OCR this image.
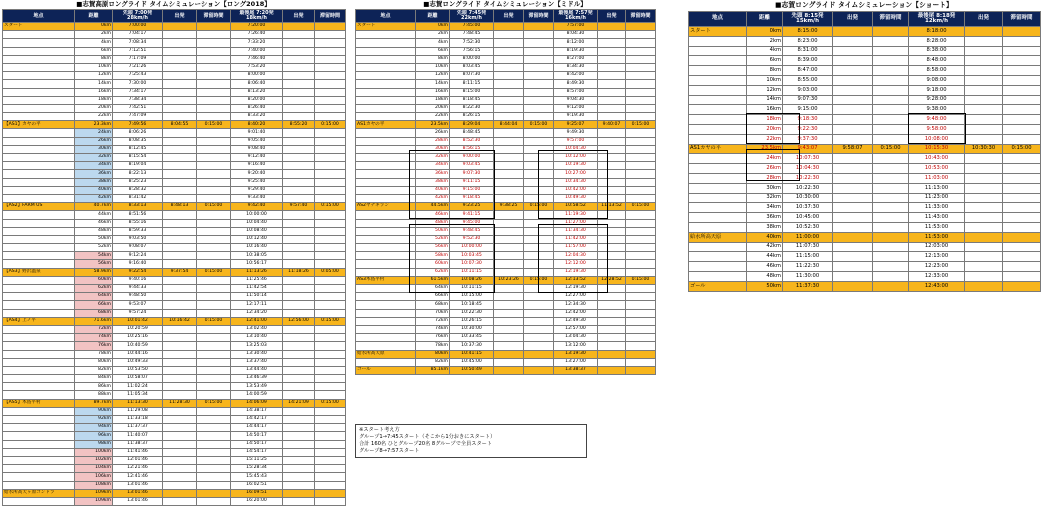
■志賀高原ロングライド タイムシミュレーション【ロング2018】
地点	距離	先頭 7:00発
28km/h	出発	滞留時間	最後尾 7:20発
18km/h	出発	滞留時間
スタート	0km	7:00:00			7:20:00		
	2km	7:04:17			7:26:40		
	4km	7:08:34			7:33:20		
	6km	7:12:51			7:40:00		
	8km	7:17:09			7:46:40		
	10km	7:21:26			7:53:20		
	12km	7:25:43			8:00:00		
	14km	7:30:00			8:06:40		
	16km	7:34:17			8:13:20		
	18km	7:38:34			8:20:00		
	20km	7:42:51			8:26:40		
	22km	7:47:09			8:33:20		
【AS1】カヤの平	23.3km	7:49:56	8:04:55	0:15:00	8:40:20	8:55:20	0:15:00
	24km	8:06:26			9:01:40		
	26km	8:08:35			9:05:40		
	30km	8:12:45			9:08:40		
	32km	8:15:54			9:12:40		
	34km	8:19:04			9:16:40		
	36km	8:22:13			9:20:40		
	38km	8:25:23			9:25:40		
	40km	8:28:32			9:29:40		
	42km	8:31:42			9:33:40		
【AS2】FARM US	40.7km	8:33:13	8:48:13	0:15:00	9:42:40	9:57:40	0:15:00
	44km	8:51:56			10:00:00		
	46km	8:55:16			10:04:40		
	48km	8:59:33			10:08:40		
	50km	9:03:50			10:12:40		
	52km	9:08:07			10:16:40		
	54km	9:12:24			10:38:05		
	56km	9:16:40			10:56:17		
【AS3】野沢温泉	58.9km	9:22:54	9:37:54	0:15:00	11:13:26	11:18:26	0:05:00
	60km	9:40:16			11:25:46		
	62km	9:44:33			11:42:54		
	64km	9:48:50			11:50:14		
	66km	9:53:07			12:17:11		
	68km	9:57:24			12:34:20		
【AS4】上ノ平	71.6km	10:01:42	10:16:42	0:15:00	12:41:00	12:56:00	0:15:00
	72km	10:20:59			13:02:40		
	74km	10:25:16			13:10:40		
	76km	10:40:59			13:25:03		
	78km	10:44:16			13:30:40		
	80km	10:49:33			13:37:40		
	82km	10:53:50			13:44:40		
	84km	10:58:07			13:46:39		
	86km	11:02:24			13:53:49		
	88km	11:05:34			14:00:59		
【AS5】木島平村	89.7km	11:13:30	11:28:30	0:15:00	14:06:09	14:21:09	0:15:00
	90km	11:29:08			14:38:17		
	92km	11:33:18			14:42:17		
	94km	11:37:37			14:44:17		
	96km	11:40:07			14:50:17		
	98km	11:38:37			14:50:17		
	100km	11:41:46			14:54:17		
	102km	12:01:46			15:11:25		
	104km	12:21:46			15:28:34		
	106km	12:41:46			15:45:43		
	108km	13:01:46			16:02:51		
給水所高天ヶ原ゴンドラ	109km	13:01:46			16:09:51		
	109km	13:01:46			16:20:00		
■志賀ロングライド タイムシミュレーション【ミドル】
地点	距離	先頭 7:45発
22km/h	出発	滞留時間	最後尾 7:57発
16km/h	出発	滞留時間
スタート	0km	7:45:00			7:57:00		
	2km	7:48:45			8:04:30		
	4km	7:52:30			8:12:00		
	6km	7:56:15			8:19:30		
	8km	8:00:00			8:27:00		
	10km	8:03:45			8:34:30		
	12km	8:07:30			8:42:00		
	14km	8:11:15			8:49:30		
	16km	8:15:00			8:57:00		
	18km	8:18:45			9:04:30		
	20km	8:22:30			9:12:00		
	22km	8:26:15			9:19:30		
AS1カヤの平	23.5km	8:29:04	8:44:04	0:15:00	9:25:07	9:40:07	0:15:00
	26km	8:48:45			9:49:30		
	28km	8:52:30			9:57:00		
	30km	8:56:15			10:04:30		
	32km	9:00:00			10:12:00		
	34km	9:03:45			10:19:30		
	36km	9:07:30			10:27:00		
	38km	9:11:15			10:34:30		
	40km	9:15:00			10:42:00		
	42km	9:18:45			10:49:30		
AS2ヤナギラン	44.5km	9:23:25	9:38:25	0:15:00	10:58:52	11:13:52	0:15:00
	46km	9:41:15			11:19:30		
	48km	9:45:00			11:27:00		
	50km	9:48:45			11:34:30		
	52km	9:52:30			11:42:00		
	56km	10:00:00			11:57:00		
	58km	10:03:45			12:04:30		
	60km	10:07:30			12:12:00		
	62km	10:11:15			12:19:30		
AS3木島平村	61.5km	10:08:26	10:23:26	0:15:00	12:13:52	12:28:52	0:15:00
	64km	10:11:15			12:19:30		
	66km	10:15:00			12:27:00		
	68km	10:18:45			12:34:30		
	70km	10:22:30			12:42:00		
	72km	10:26:15			12:49:30		
	74km	10:30:00			12:57:00		
	76km	10:33:45			13:04:30		
	78km	10:37:30			13:12:00		
給水所高天原	80km	10:41:15			13:19:30		
	82km	10:45:00			13:27:00		
ゴール	85.1km	10:50:49			13:38:37		
※スタート考え方
グループ1→7:45スタート（そこから1分おきにスタート）
合計 160名 ひとグループ20名 8グループで全員スタート
グループ8→7:57スタート
■志賀ロングライド タイムシミュレーション【ショート】
地点	距離	先頭 8:15発
15km/h	出発	滞留時間	最後尾 8:18発
12km/h	出発	滞留時間
スタート	0km	8:15:00			8:18:00		
	2km	8:23:00			8:28:00		
	4km	8:31:00			8:38:00		
	6km	8:39:00			8:48:00		
	8km	8:47:00			8:58:00		
	10km	8:55:00			9:08:00		
	12km	9:03:00			9:18:00		
	14km	9:07:30			9:28:00		
	16km	9:15:00			9:38:00		
	18km	9:18:30			9:48:00		
	20km	9:22:30			9:58:00		
	22km	9:37:30			10:08:00		
AS1カヤの平	23.5km	9:43:07	9:58:07	0:15:00	10:15:30	10:30:30	0:15:00
	24km	10:07:30			10:43:00		
	26km	10:04:30			10:53:00		
	28km	10:22:30			11:03:00		
	30km	10:22:30			11:13:00		
	32km	10:30:00			11:23:00		
	34km	10:37:30			11:33:00		
	36km	10:45:00			11:43:00		
	38km	10:52:30			11:53:00		
給水所高天原	40km	11:00:00			11:53:00		
	42km	11:07:30			12:03:00		
	44km	11:15:00			12:13:00		
	46km	11:22:30			12:23:00		
	48km	11:30:00			12:33:00		
ゴール	50km	11:37:30			12:43:00		
